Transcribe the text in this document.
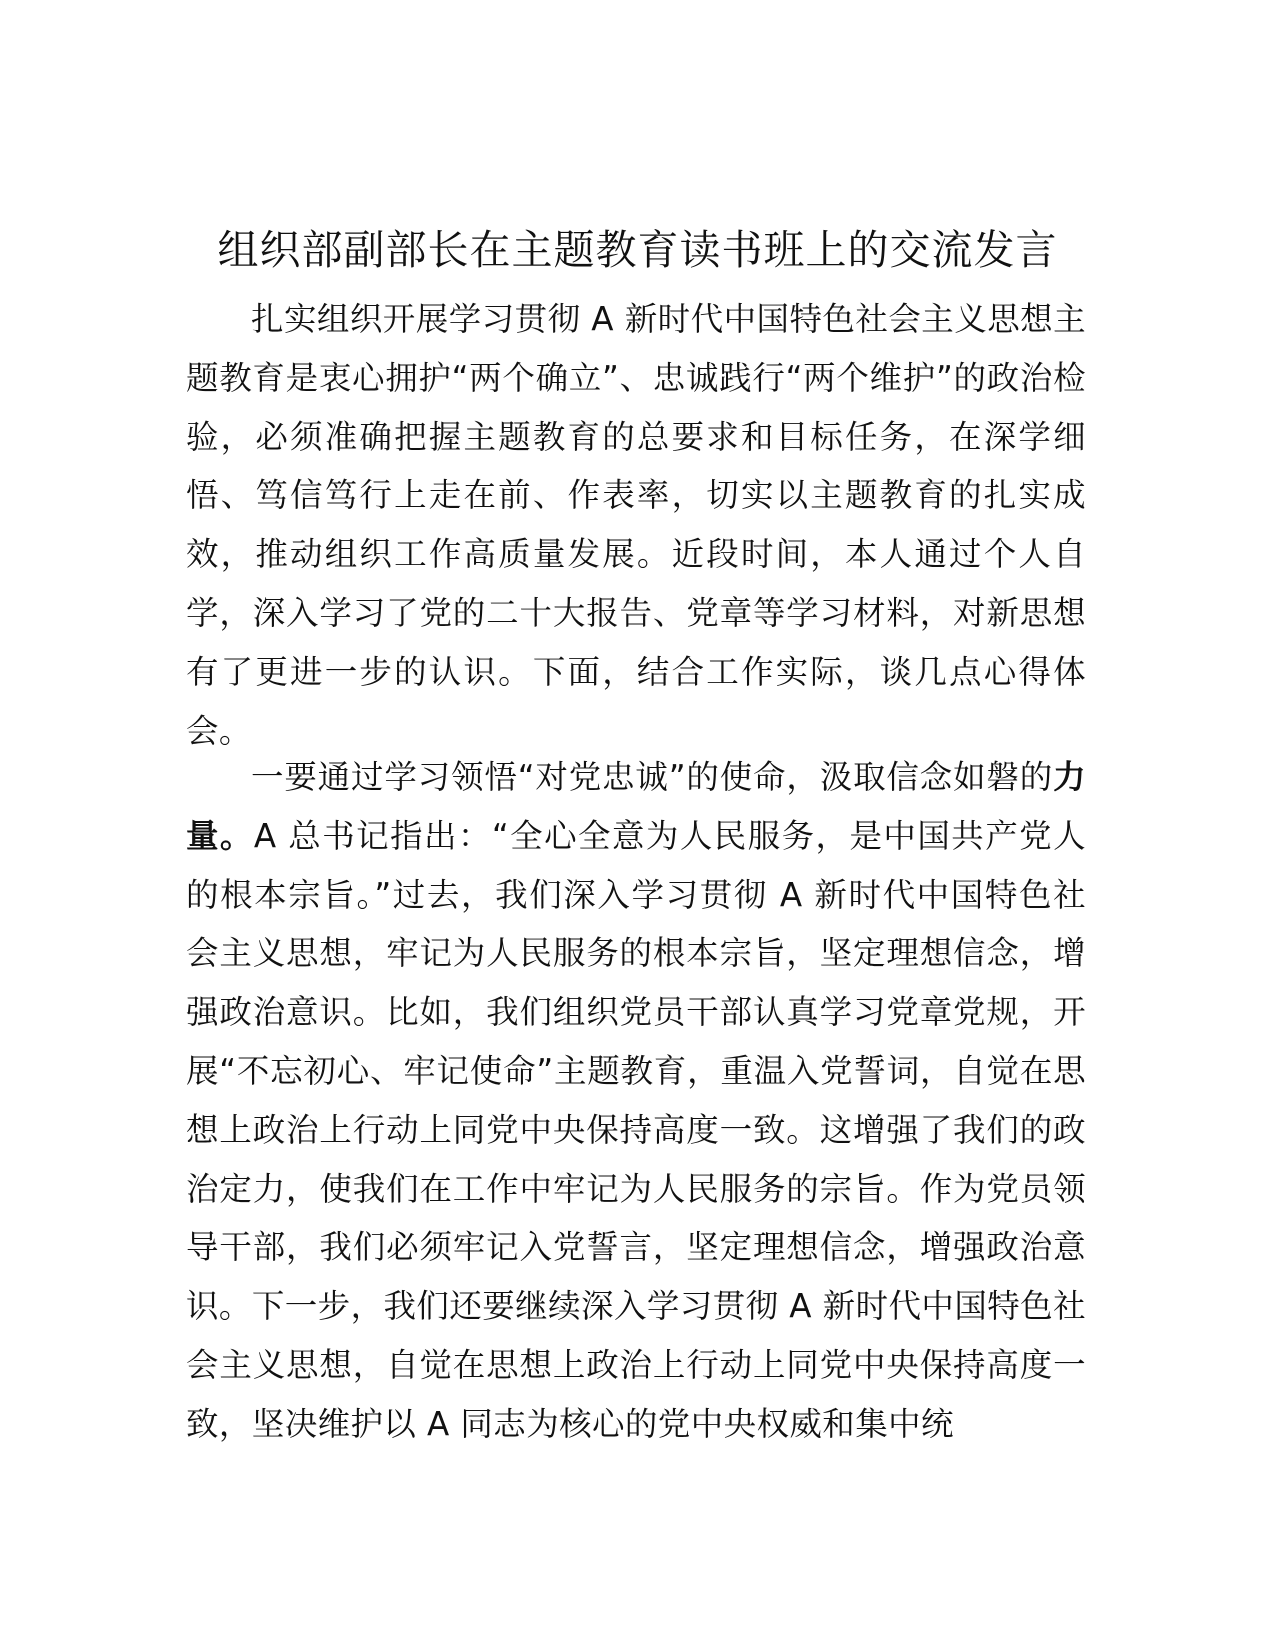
组织部副部长在主题教育读书班上的交流发言

扎实组织开展学习贯彻 A 新时代中国特色社会主义思想主题教育是衷心拥护“两个确立”、忠诚践行“两个维护”的政治检验，必须准确把握主题教育的总要求和目标任务，在深学细悟、笃信笃行上走在前、作表率，切实以主题教育的扎实成效，推动组织工作高质量发展。近段时间，本人通过个人自学，深入学习了党的二十大报告、党章等学习材料，对新思想有了更进一步的认识。下面，结合工作实际，谈几点心得体会。

一要通过学习领悟“对党忠诚”的使命，汲取信念如磐的力量。A 总书记指出：“全心全意为人民服务，是中国共产党人的根本宗旨。”过去，我们深入学习贯彻 A 新时代中国特色社会主义思想，牢记为人民服务的根本宗旨，坚定理想信念，增强政治意识。比如，我们组织党员干部认真学习党章党规，开展“不忘初心、牢记使命”主题教育，重温入党誓词，自觉在思想上政治上行动上同党中央保持高度一致。这增强了我们的政治定力，使我们在工作中牢记为人民服务的宗旨。作为党员领导干部，我们必须牢记入党誓言，坚定理想信念，增强政治意识。下一步，我们还要继续深入学习贯彻 A 新时代中国特色社会主义思想，自觉在思想上政治上行动上同党中央保持高度一致，坚决维护以 A 同志为核心的党中央权威和集中统
